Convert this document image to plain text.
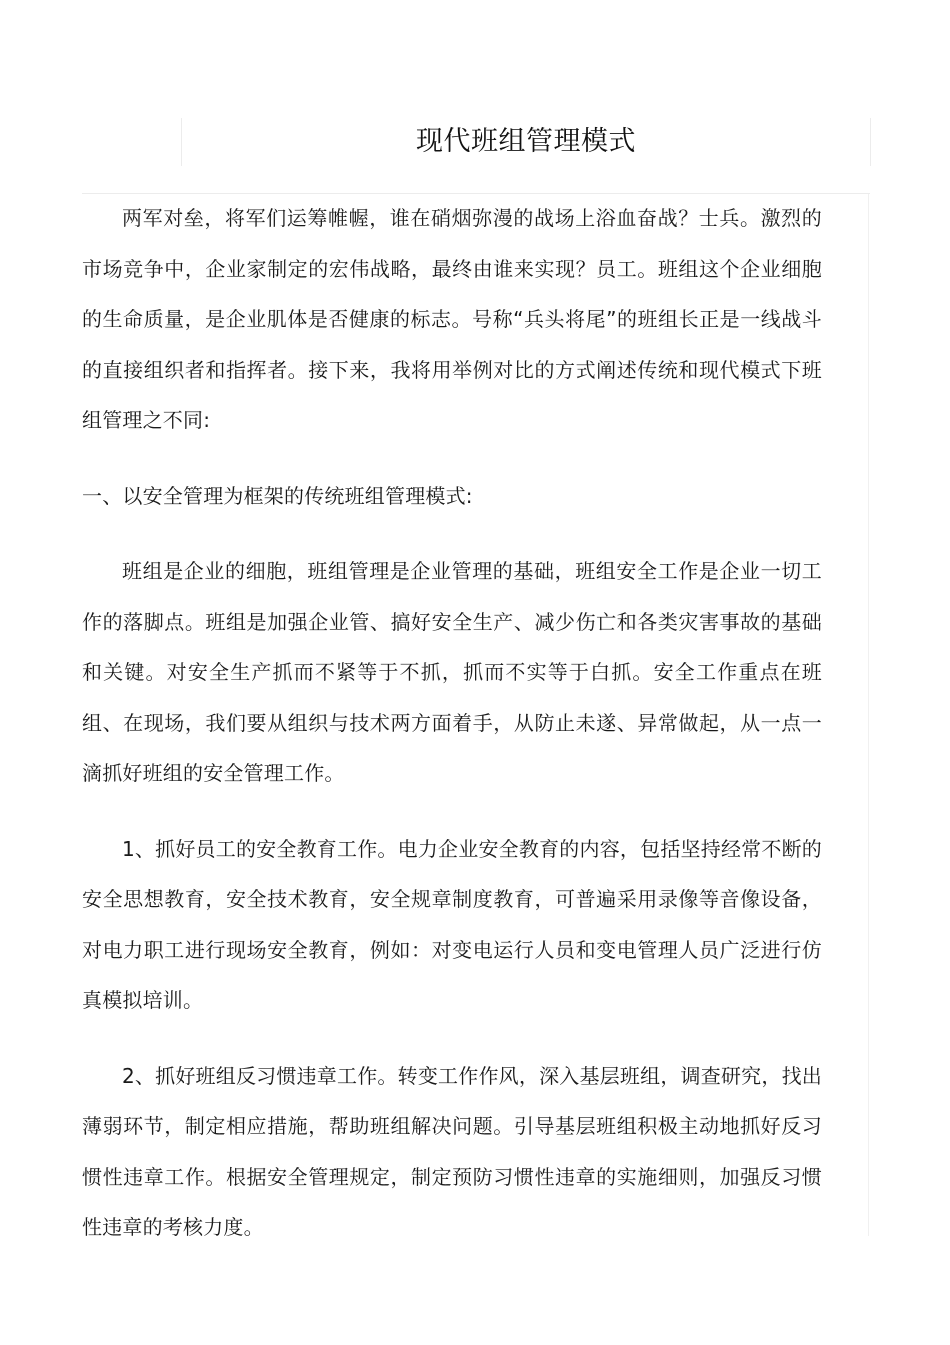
现代班组管理模式

两军对垒，将军们运筹帷幄，谁在硝烟弥漫的战场上浴血奋战？士兵。激烈的市场竞争中，企业家制定的宏伟战略，最终由谁来实现？员工。班组这个企业细胞的生命质量，是企业肌体是否健康的标志。号称“兵头将尾”的班组长正是一线战斗的直接组织者和指挥者。接下来，我将用举例对比的方式阐述传统和现代模式下班组管理之不同:

一、以安全管理为框架的传统班组管理模式:

班组是企业的细胞，班组管理是企业管理的基础，班组安全工作是企业一切工作的落脚点。班组是加强企业管、搞好安全生产、减少伤亡和各类灾害事故的基础和关键。对安全生产抓而不紧等于不抓，抓而不实等于白抓。安全工作重点在班组、在现场，我们要从组织与技术两方面着手，从防止未遂、异常做起，从一点一滴抓好班组的安全管理工作。

1、抓好员工的安全教育工作。电力企业安全教育的内容，包括坚持经常不断的安全思想教育，安全技术教育，安全规章制度教育，可普遍采用录像等音像设备，对电力职工进行现场安全教育，例如：对变电运行人员和变电管理人员广泛进行仿真模拟培训。

2、抓好班组反习惯违章工作。转变工作作风，深入基层班组，调查研究，找出薄弱环节，制定相应措施，帮助班组解决问题。引导基层班组积极主动地抓好反习惯性违章工作。根据安全管理规定，制定预防习惯性违章的实施细则，加强反习惯性违章的考核力度。
